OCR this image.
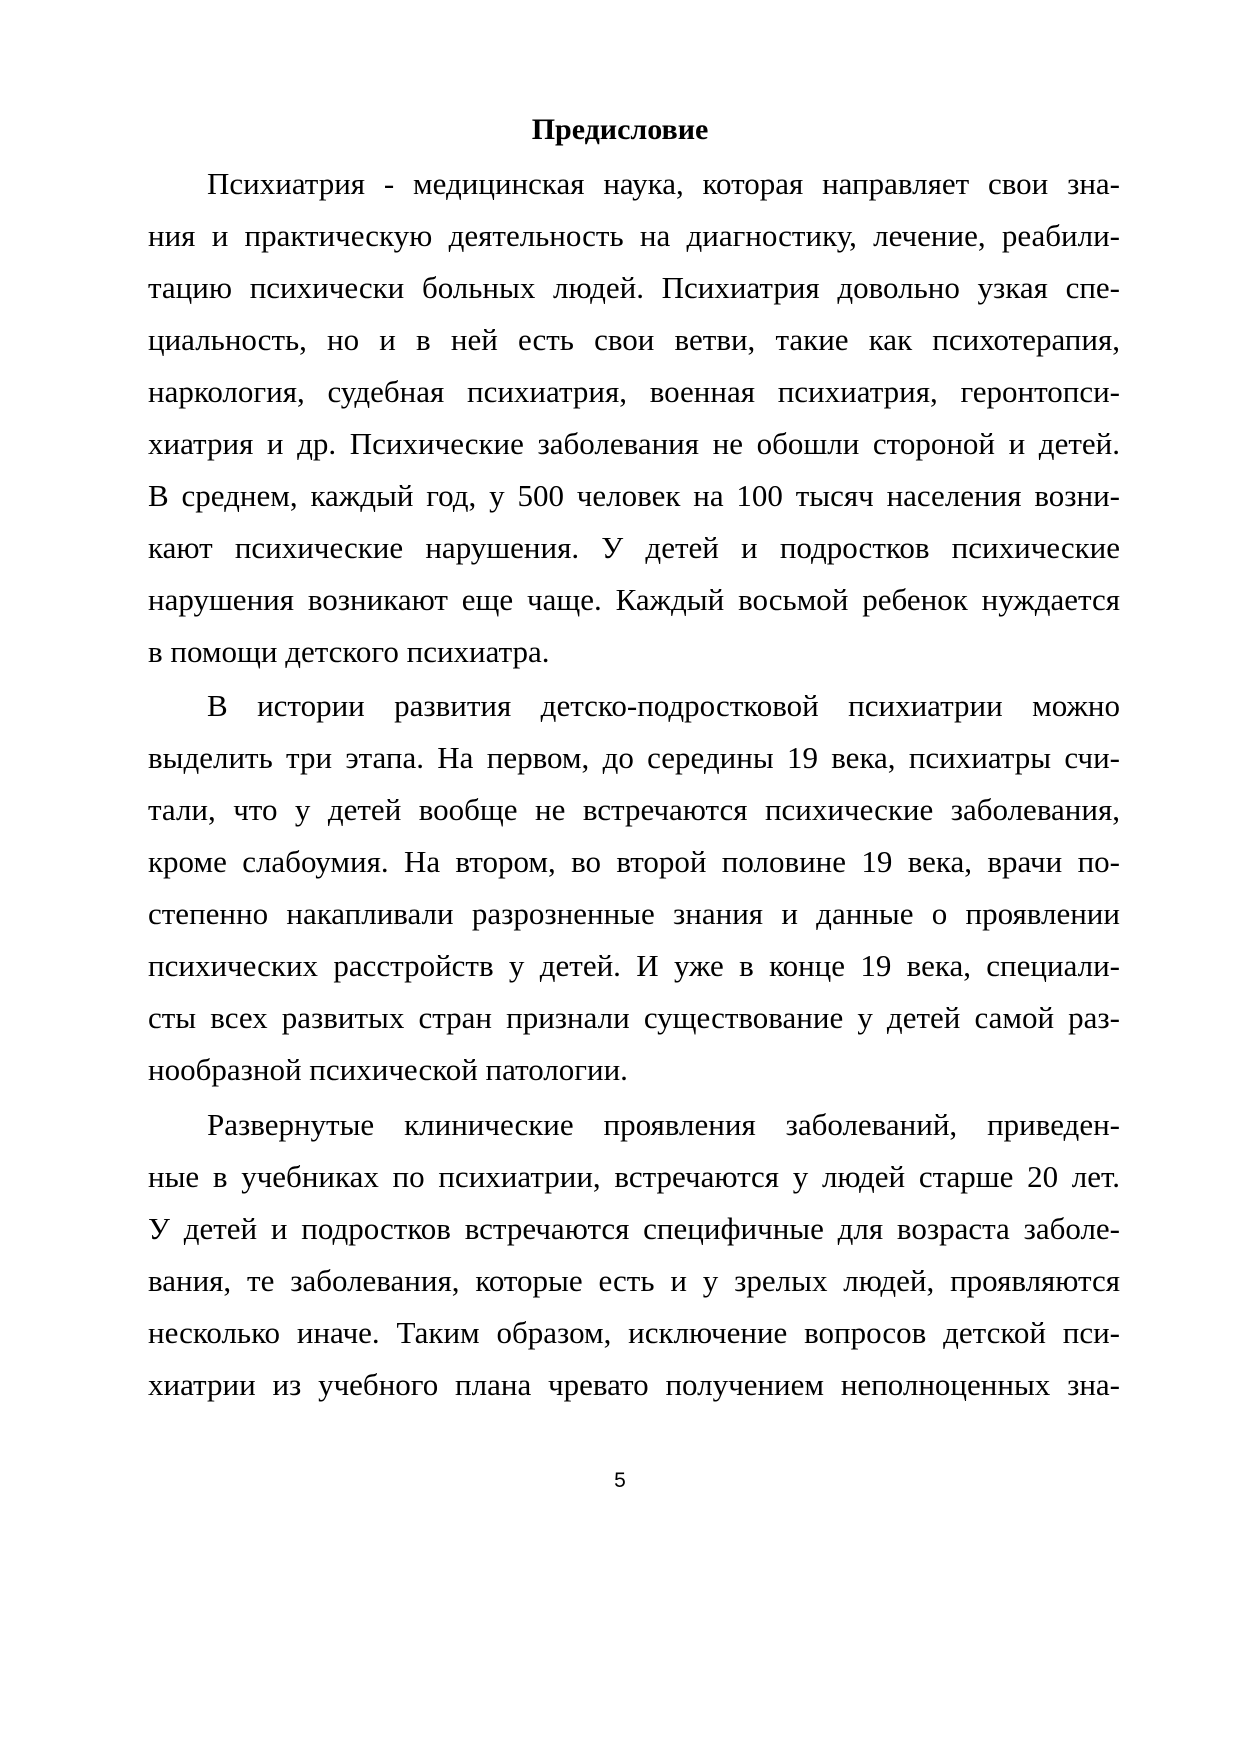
Предисловие
Психиатрия - медицинская наука, которая направляет свои зна-
ния и практическую деятельность на диагностику, лечение, реабили-
тацию психически больных людей. Психиатрия довольно узкая спе-
циальность, но и в ней есть свои ветви, такие как психотерапия,
наркология, судебная психиатрия, военная психиатрия, геронтопси-
хиатрия и др. Психические заболевания не обошли стороной и детей.
В среднем, каждый год, у 500 человек на 100 тысяч населения возни-
кают психические нарушения. У детей и подростков психические
нарушения возникают еще чаще. Каждый восьмой ребенок нуждается
в помощи детского психиатра.
В истории развития детско-подростковой психиатрии можно
выделить три этапа. На первом, до середины 19 века, психиатры счи-
тали, что у детей вообще не встречаются психические заболевания,
кроме слабоумия. На втором, во второй половине 19 века, врачи по-
степенно накапливали разрозненные знания и данные о проявлении
психических расстройств у детей. И уже в конце 19 века, специали-
сты всех развитых стран признали существование у детей самой раз-
нообразной психической патологии.
Развернутые клинические проявления заболеваний, приведен-
ные в учебниках по психиатрии, встречаются у людей старше 20 лет.
У детей и подростков встречаются специфичные для возраста заболе-
вания, те заболевания, которые есть и у зрелых людей, проявляются
несколько иначе. Таким образом, исключение вопросов детской пси-
хиатрии из учебного плана чревато получением неполноценных зна-
5
